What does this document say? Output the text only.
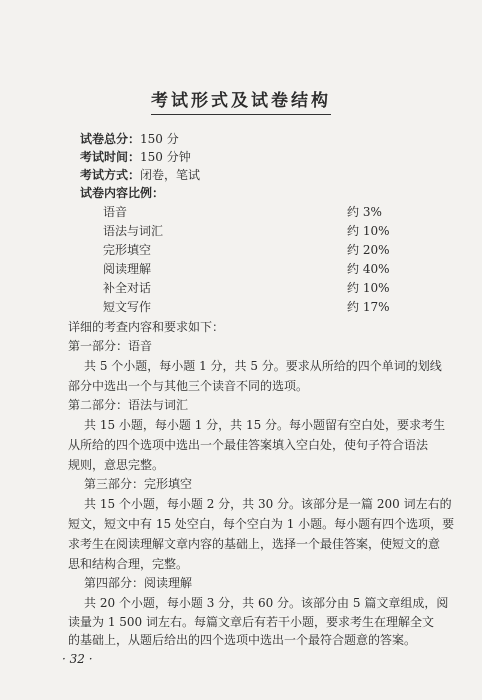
考试形式及试卷结构
试卷总分：150 分
考试时间：150 分钟
考试方式：闭卷，笔试
试卷内容比例：
语音	约 3%
语法与词汇	约 10%
完形填空	约 20%
阅读理解	约 40%
补全对话	约 10%
短文写作	约 17%
详细的考查内容和要求如下：
第一部分：语音
共 5 个小题，每小题 1 分，共 5 分。要求从所给的四个单词的划线
部分中选出一个与其他三个读音不同的选项。
第二部分：语法与词汇
共 15 小题，每小题 1 分，共 15 分。每小题留有空白处，要求考生
从所给的四个选项中选出一个最佳答案填入空白处，使句子符合语法
规则，意思完整。
第三部分：完形填空
共 15 个小题，每小题 2 分，共 30 分。该部分是一篇 200 词左右的
短文，短文中有 15 处空白，每个空白为 1 小题。每小题有四个选项，要
求考生在阅读理解文章内容的基础上，选择一个最佳答案，使短文的意
思和结构合理，完整。
第四部分：阅读理解
共 20 个小题，每小题 3 分，共 60 分。该部分由 5 篇文章组成，阅
读量为 1 500 词左右。每篇文章后有若干小题，要求考生在理解全文
的基础上，从题后给出的四个选项中选出一个最符合题意的答案。
· 32 ·
